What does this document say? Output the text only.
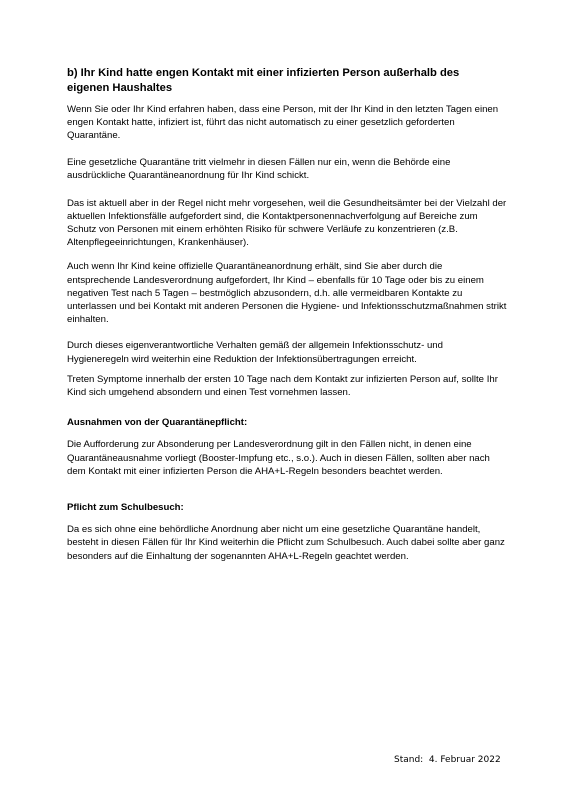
b) Ihr Kind hatte engen Kontakt mit einer infizierten Person außerhalb des
eigenen Haushaltes

Wenn Sie oder Ihr Kind erfahren haben, dass eine Person, mit der Ihr Kind in den letzten Tagen einen engen Kontakt hatte, infiziert ist, führt das nicht automatisch zu einer gesetzlich geforderten Quarantäne.

Eine gesetzliche Quarantäne tritt vielmehr in diesen Fällen nur ein, wenn die Behörde eine ausdrückliche Quarantäneanordnung für Ihr Kind schickt.

Das ist aktuell aber in der Regel nicht mehr vorgesehen, weil die Gesundheitsämter bei der Vielzahl der aktuellen Infektionsfälle aufgefordert sind, die Kontaktpersonennachverfolgung auf Bereiche zum Schutz von Personen mit einem erhöhten Risiko für schwere Verläufe zu konzentrieren (z.B. Altenpflegeeinrichtungen, Krankenhäuser).

Auch wenn Ihr Kind keine offizielle Quarantäneanordnung erhält, sind Sie aber durch die entsprechende Landesverordnung aufgefordert, Ihr Kind – ebenfalls für 10 Tage oder bis zu einem negativen Test nach 5 Tagen – bestmöglich abzusondern, d.h. alle vermeidbaren Kontakte zu unterlassen und bei Kontakt mit anderen Personen die Hygiene- und Infektionsschutzmaßnahmen strikt einhalten.

Durch dieses eigenverantwortliche Verhalten gemäß der allgemein Infektionsschutz- und Hygieneregeln wird weiterhin eine Reduktion der Infektionsübertragungen erreicht.

Treten Symptome innerhalb der ersten 10 Tage nach dem Kontakt zur infizierten Person auf, sollte Ihr Kind sich umgehend absondern und einen Test vornehmen lassen.

Ausnahmen von der Quarantänepflicht:

Die Aufforderung zur Absonderung per Landesverordnung gilt in den Fällen nicht, in denen eine Quarantäneausnahme vorliegt (Booster-Impfung etc., s.o.). Auch in diesen Fällen, sollten aber nach dem Kontakt mit einer infizierten Person die AHA+L-Regeln besonders beachtet werden.

Pflicht zum Schulbesuch:

Da es sich ohne eine behördliche Anordnung aber nicht um eine gesetzliche Quarantäne handelt, besteht in diesen Fällen für Ihr Kind weiterhin die Pflicht zum Schulbesuch. Auch dabei sollte aber ganz besonders auf die Einhaltung der sogenannten AHA+L-Regeln geachtet werden.

Stand:  4. Februar 2022
